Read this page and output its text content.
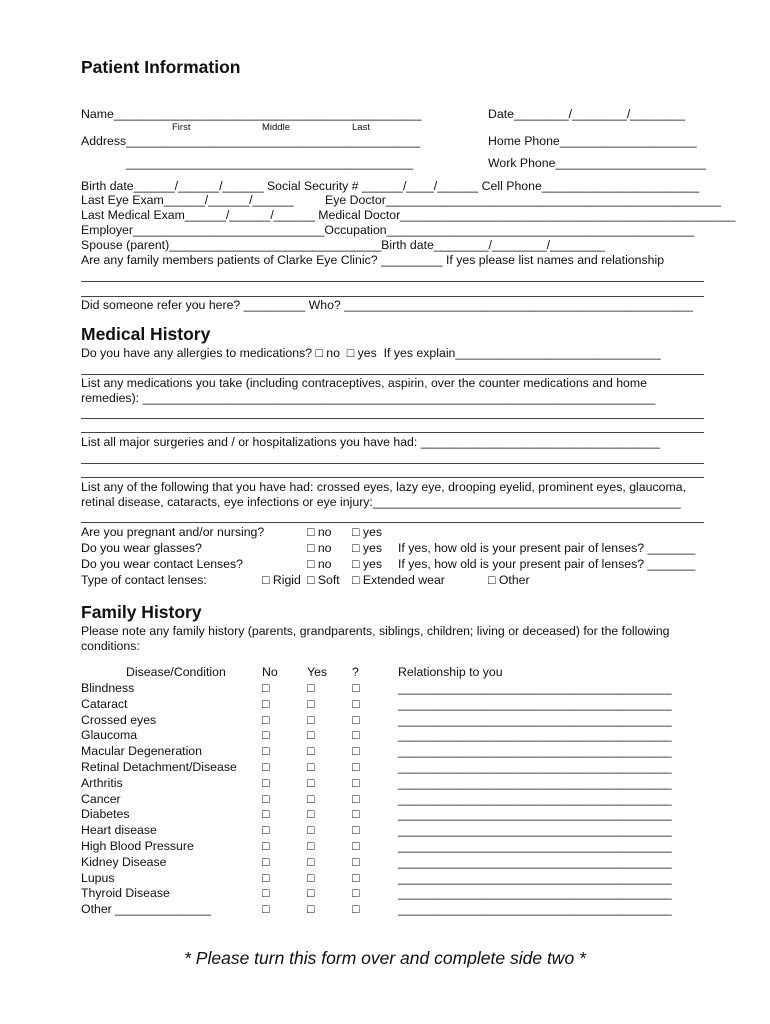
Patient Information
Name_____________________________________________	Date________/________/________
First	Middle	Last
Address___________________________________________	Home Phone____________________
__________________________________________	Work Phone______________________
Birth date______/______/______ Social Security # ______/____/______ Cell Phone_______________________
Last Eye Exam______/______/______	Eye Doctor_________________________________________________
Last Medical Exam______/______/______ Medical Doctor_________________________________________________
Employer____________________________Occupation_____________________________________________
Spouse (parent)_______________________________Birth date________/________/________
Are any family members patients of Clarke Eye Clinic? _________ If yes please list names and relationship
Did someone refer you here? _________ Who? ___________________________________________________
Medical History
Do you have any allergies to medications? □ no  □ yes  If yes explain______________________________
List any medications you take (including contraceptives, aspirin, over the counter medications and home
remedies): ___________________________________________________________________________
List all major surgeries and / or hospitalizations you have had: ___________________________________
List any of the following that you have had: crossed eyes, lazy eye, drooping eyelid, prominent eyes, glaucoma,
retinal disease, cataracts, eye infections or eye injury:_____________________________________________
Are you pregnant and/or nursing?	□ no □ yes
Do you wear glasses?	□ no □ yes If yes, how old is your present pair of lenses? _______
Do you wear contact Lenses?	□ no □ yes If yes, how old is your present pair of lenses? _______
Type of contact lenses:	□ Rigid □ Soft □ Extended wear	□ Other
Family History
Please note any family history (parents, grandparents, siblings, children; living or deceased) for the following
conditions:
Disease/Condition	No Yes ?	Relationship to you
Blindness	□	□	□	________________________________________
Cataract	□	□	□	________________________________________
Crossed eyes	□	□	□	________________________________________
Glaucoma	□	□	□	________________________________________
Macular Degeneration	□	□	□	________________________________________
Retinal Detachment/Disease □	□	□	________________________________________
Arthritis	□	□	□	________________________________________
Cancer	□	□	□	________________________________________
Diabetes	□	□	□	________________________________________
Heart disease	□	□	□	________________________________________
High Blood Pressure	□	□	□	________________________________________
Kidney Disease	□	□	□	________________________________________
Lupus	□	□	□	________________________________________
Thyroid Disease	□	□	□	________________________________________
Other ______________	□	□	□	________________________________________
* Please turn this form over and complete side two *
